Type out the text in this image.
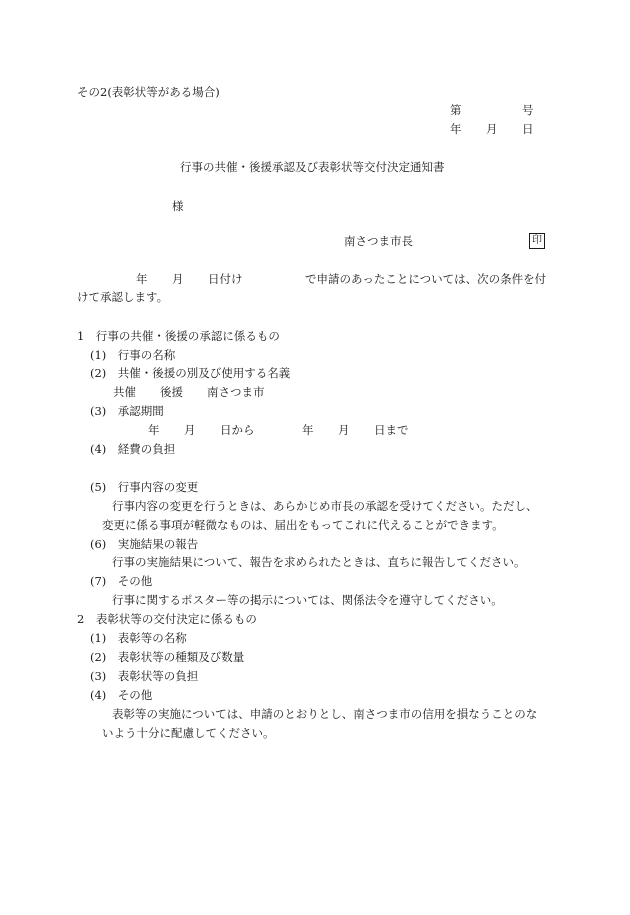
その2(表彰状等がある場合)
第	号
年 月 日
行事の共催・後援承認及び表彰状等交付決定通知書
様
南さつま市長	印
年 月 日付け	で申請のあったことについては、次の条件を付
けて承認します。
1　行事の共催・後援の承認に係るもの
(1)　行事の名称
(2)　共催・後援の別及び使用する名義
共催 後援 南さつま市
(3)　承認期間
年 月 日から	年 月 日まで
(4)　経費の負担
(5)　行事内容の変更
行事内容の変更を行うときは、あらかじめ市長の承認を受けてください。ただし、
変更に係る事項が軽微なものは、届出をもってこれに代えることができます。
(6)　実施結果の報告
行事の実施結果について、報告を求められたときは、直ちに報告してください。
(7)　その他
行事に関するポスター等の掲示については、関係法令を遵守してください。
2　表彰状等の交付決定に係るもの
(1)　表彰等の名称
(2)　表彰状等の種類及び数量
(3)　表彰状等の負担
(4)　その他
表彰等の実施については、申請のとおりとし、南さつま市の信用を損なうことのな
いよう十分に配慮してください。
